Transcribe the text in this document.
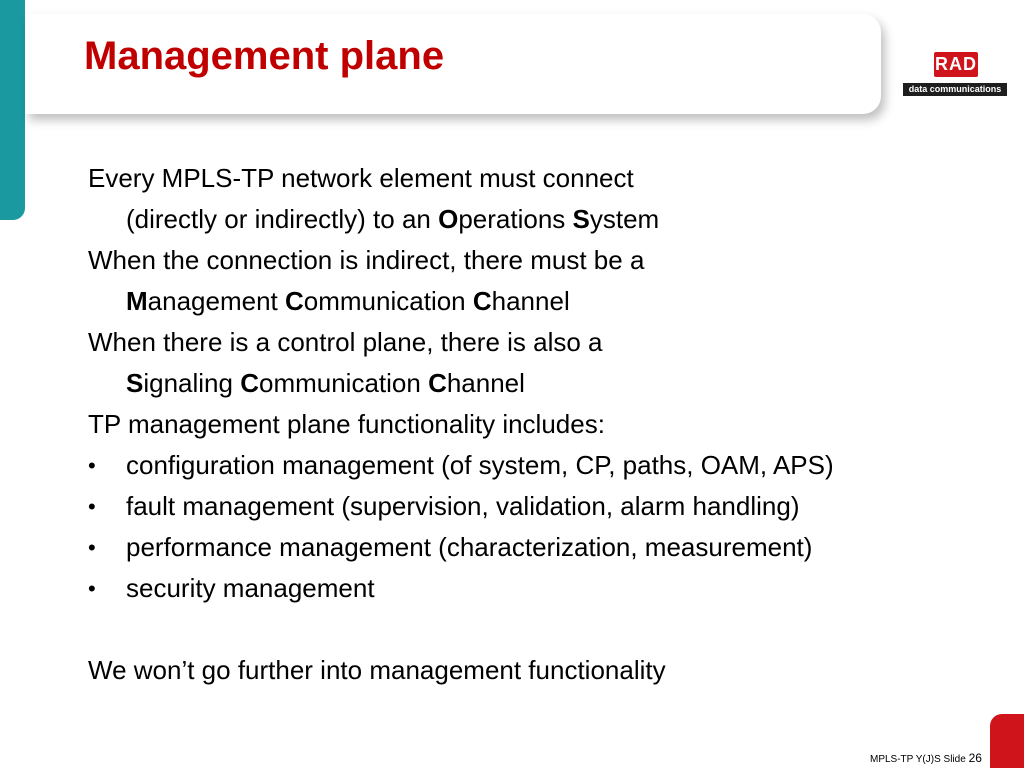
Management plane	RAD
data communications
Every MPLS-TP network element must connect
(directly or indirectly) to an Operations System
When the connection is indirect, there must be a
Management Communication Channel
When there is a control plane, there is also a
Signaling Communication Channel
TP management plane functionality includes:
•	configuration management (of system, CP, paths, OAM, APS)
•	fault management (supervision, validation, alarm handling)
•	performance management (characterization, measurement)
•	security management
We won’t go further into management functionality
MPLS-TP Y(J)S Slide 26
